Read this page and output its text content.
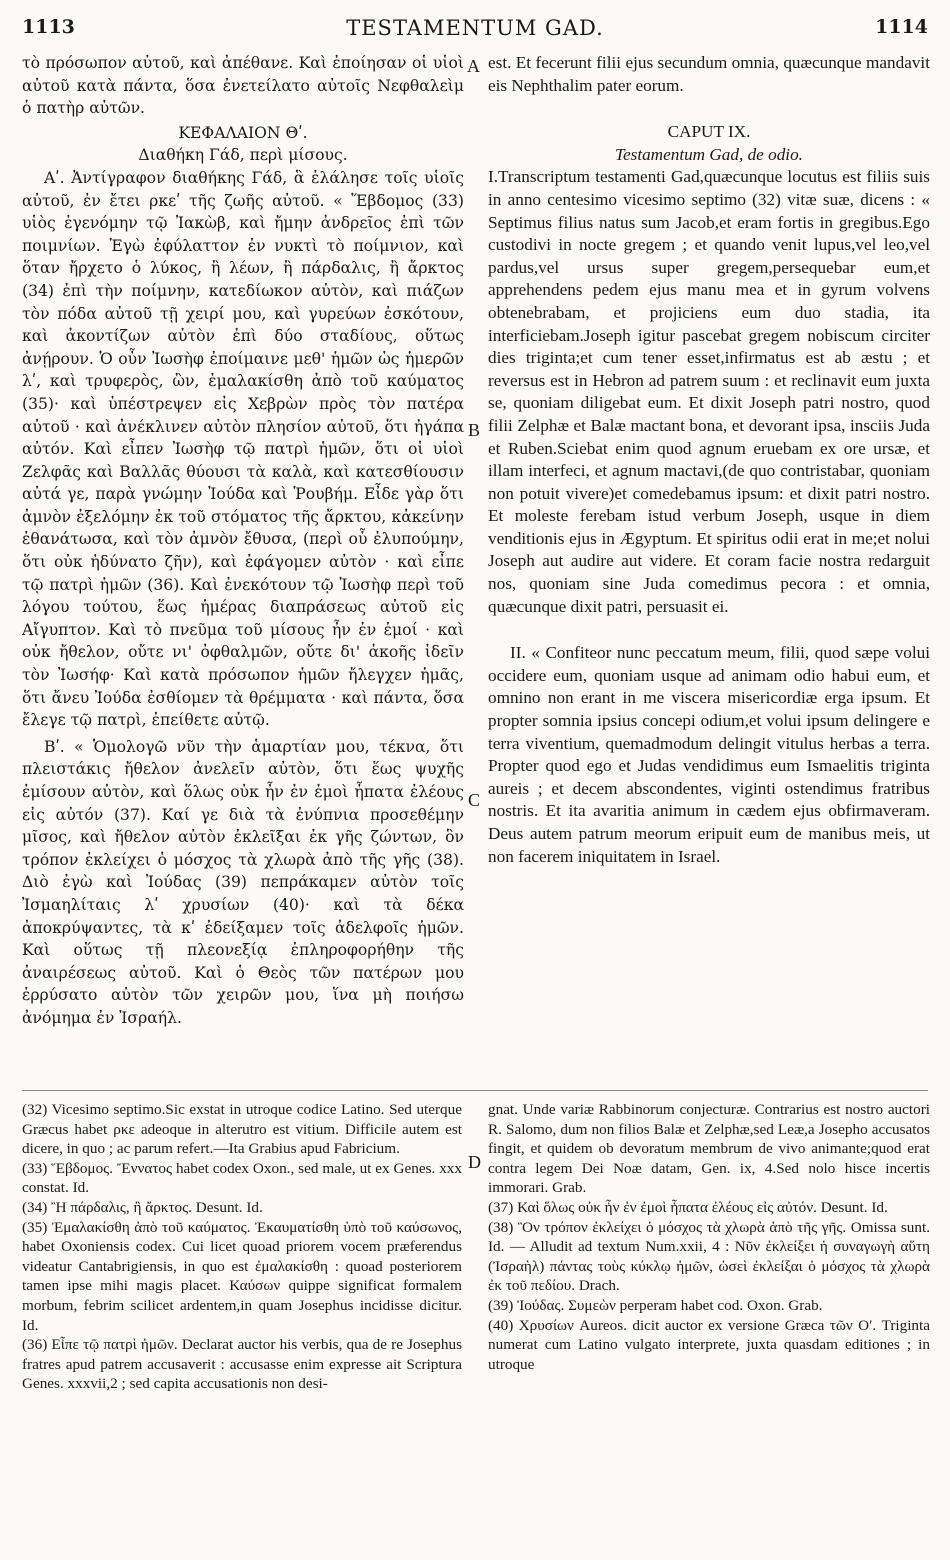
1113	TESTAMENTUM GAD.	1114

τὸ πρόσωπον αὐτοῦ, καὶ ἀπέθανε. Καὶ ἐποίησαν οἱ υἱοὶ αὐτοῦ κατὰ πάντα, ὅσα ἐνετείλατο αὐτοῖς Νεφθαλεὶμ ὁ πατὴρ αὐτῶν.

ΚΕΦΑΛΑΙΟΝ Θʹ.

Διαθήκη Γάδ, περὶ μίσους.

Αʹ. Ἀντίγραφον διαθήκης Γάδ, ἃ ἐλάλησε τοῖς υἱοῖς αὐτοῦ, ἐν ἔτει ρκεʹ τῆς ζωῆς αὐτοῦ. « Ἕβδομος (33) υἱὸς ἐγενόμην τῷ Ἰακὼβ, καὶ ἤμην ἀνδρεῖος ἐπὶ τῶν ποιμνίων. Ἐγὼ ἐφύλαττον ἐν νυκτὶ τὸ ποίμνιον, καὶ ὅταν ἤρχετο ὁ λύκος, ἢ λέων, ἢ πάρδαλις, ἢ ἄρκτος (34) ἐπὶ τὴν ποίμνην, κατεδίωκον αὐτὸν, καὶ πιάζων τὸν πόδα αὐτοῦ τῇ χειρί μου, καὶ γυρεύων ἐσκότουν, καὶ ἀκοντίζων αὐτὸν ἐπὶ δύο σταδίους, οὕτως ἀνῄρουν. Ὁ οὖν Ἰωσὴφ ἐποίμαινε μεθ' ἡμῶν ὡς ἡμερῶν λʹ, καὶ τρυφερὸς, ὢν, ἐμαλακίσθη ἀπὸ τοῦ καύματος (35)· καὶ ὑπέστρεψεν εἰς Χεβρὼν πρὸς τὸν πατέρα αὐτοῦ · καὶ ἀνέκλινεν αὐτὸν πλησίον αὐτοῦ, ὅτι ἠγάπα αὐτόν. Καὶ εἶπεν Ἰωσὴφ τῷ πατρὶ ἡμῶν, ὅτι οἱ υἱοὶ Ζελφᾶς καὶ Βαλλᾶς θύουσι τὰ καλὰ, καὶ κατεσθίουσιν αὐτά γε, παρὰ γνώμην Ἰούδα καὶ Ῥουβήμ. Εἶδε γὰρ ὅτι ἀμνὸν ἐξελόμην ἐκ τοῦ στόματος τῆς ἄρκτου, κἀκείνην ἐθανάτωσα, καὶ τὸν ἀμνὸν ἔθυσα, (περὶ οὗ ἐλυπούμην, ὅτι οὐκ ἠδύνατο ζῆν), καὶ ἐφάγομεν αὐτὸν · καὶ εἶπε τῷ πατρὶ ἡμῶν (36). Καὶ ἐνεκότουν τῷ Ἰωσὴφ περὶ τοῦ λόγου τούτου, ἕως ἡμέρας διαπράσεως αὐτοῦ εἰς Αἴγυπτον. Καὶ τὸ πνεῦμα τοῦ μίσους ἦν ἐν ἐμοί · καὶ οὐκ ἤθελον, οὔτε νι' ὀφθαλμῶν, οὔτε δι' ἀκοῆς ἰδεῖν τὸν Ἰωσήφ· Καὶ κατὰ πρόσωπον ἡμῶν ἤλεγχεν ἡμᾶς, ὅτι ἄνευ Ἰούδα ἐσθίομεν τὰ θρέμματα · καὶ πάντα, ὅσα ἔλεγε τῷ πατρὶ, ἐπείθετε αὐτῷ.

Βʹ. « Ὁμολογῶ νῦν τὴν ἁμαρτίαν μου, τέκνα, ὅτι πλειστάκις ἤθελον ἀνελεῖν αὐτὸν, ὅτι ἕως ψυχῆς ἐμίσουν αὐτὸν, καὶ ὅλως οὐκ ἦν ἐν ἐμοὶ ἧπατα ἐλέους εἰς αὐτόν (37). Καί γε διὰ τὰ ἐνύπνια προσεθέμην μῖσος, καὶ ἤθελον αὐτὸν ἐκλεῖξαι ἐκ γῆς ζώντων, ὃν τρόπον ἐκλείχει ὁ μόσχος τὰ χλωρὰ ἀπὸ τῆς γῆς (38). Διὸ ἐγὼ καὶ Ἰούδας (39) πεπράκαμεν αὐτὸν τοῖς Ἰσμαηλίταις λʹ χρυσίων (40)· καὶ τὰ δέκα ἀποκρύψαντες, τὰ κʹ ἐδείξαμεν τοῖς ἀδελφοῖς ἡμῶν. Καὶ οὕτως τῇ πλεονεξίᾳ ἐπληροφορήθην τῆς ἀναιρέσεως αὐτοῦ. Καὶ ὁ Θεὸς τῶν πατέρων μου ἐρρύσατο αὐτὸν τῶν χειρῶν μου, ἵνα μὴ ποιήσω ἀνόμημα ἐν Ἰσραήλ.

est. Et fecerunt filii ejus secundum omnia, quæcunque mandavit eis Nephthalim pater eorum.

CAPUT IX.

Testamentum Gad, de odio.

I.Transcriptum testamenti Gad,quæcunque locutus est filiis suis in anno centesimo vicesimo septimo (32) vitæ suæ, dicens : « Septimus filius natus sum Jacob,et eram fortis in gregibus.Ego custodivi in nocte gregem ; et quando venit lupus,vel leo,vel pardus,vel ursus super gregem,persequebar eum,et apprehendens pedem ejus manu mea et in gyrum volvens obtenebrabam, et projiciens eum duo stadia, ita interficiebam.Joseph igitur pascebat gregem nobiscum circiter dies triginta;et cum tener esset,infirmatus est ab æstu ; et reversus est in Hebron ad patrem suum : et reclinavit eum juxta se, quoniam diligebat eum. Et dixit Joseph patri nostro, quod filii Zelphæ et Balæ mactant bona, et devorant ipsa, insciis Juda et Ruben.Sciebat enim quod agnum eruebam ex ore ursæ, et illam interfeci, et agnum mactavi,(de quo contristabar, quoniam non potuit vivere)et comedebamus ipsum: et dixit patri nostro. Et moleste ferebam istud verbum Joseph, usque in diem venditionis ejus in Ægyptum. Et spiritus odii erat in me;et nolui Joseph aut audire aut videre. Et coram facie nostra redarguit nos, quoniam sine Juda comedimus pecora : et omnia, quæcunque dixit patri, persuasit ei.

II. « Confiteor nunc peccatum meum, filii, quod sæpe volui occidere eum, quoniam usque ad animam odio habui eum, et omnino non erant in me viscera misericordiæ erga ipsum. Et propter somnia ipsius concepi odium,et volui ipsum delingere e terra viventium, quemadmodum delingit vitulus herbas a terra. Propter quod ego et Judas vendidimus eum Ismaelitis triginta aureis ; et decem abscondentes, viginti ostendimus fratribus nostris. Et ita avaritia animum in cædem ejus obfirmaveram. Deus autem patrum meorum eripuit eum de manibus meis, ut non facerem iniquitatem in Israel.

A
B
C
D

(32) Vicesimo septimo.Sic exstat in utroque codice Latino. Sed uterque Græcus habet ρκε adeoque in alterutro est vitium. Difficile autem est dicere, in quo ; ac parum refert.—Ita Grabius apud Fabricium.

(33) Ἕβδομος. Ἔννατος habet codex Oxon., sed male, ut ex Genes. xxx constat. Id.

(34) Ἢ πάρδαλις, ἢ ἄρκτος. Desunt. Id.

(35) Ἐμαλακίσθη ἀπὸ τοῦ καύματος. Ἐκαυματίσθη ὑπὸ τοῦ καύσωνος, habet Oxoniensis codex. Cui licet quoad priorem vocem præferendus videatur Cantabrigiensis, in quo est ἐμαλακίσθη : quoad posteriorem tamen ipse mihi magis placet. Καύσων quippe significat formalem morbum, febrim scilicet ardentem,in quam Josephus incidisse dicitur. Id.

(36) Εἶπε τῷ πατρὶ ἡμῶν. Declarat auctor his verbis, qua de re Josephus fratres apud patrem accusaverit : accusasse enim expresse ait Scriptura Genes. xxxvii,2 ; sed capita accusationis non desi-

gnat. Unde variæ Rabbinorum conjecturæ. Contrarius est nostro auctori R. Salomo, dum non filios Balæ et Zelphæ,sed Leæ,a Josepho accusatos fingit, et quidem ob devoratum membrum de vivo animante;quod erat contra legem Dei Noæ datam, Gen. ix, 4.Sed nolo hisce incertis immorari. Grab.

(37) Καὶ ὅλως οὐκ ἦν ἐν ἐμοὶ ἧπατα ἐλέους εἰς αὐτόν. Desunt. Id.

(38) Ὃν τρόπον ἐκλείχει ὁ μόσχος τὰ χλωρὰ ἀπὸ τῆς γῆς. Omissa sunt. Id. — Alludit ad textum Num.xxii, 4 : Νῦν ἐκλείξει ἡ συναγωγὴ αὕτη (Ἰσραὴλ) πάντας τοὺς κύκλῳ ἡμῶν, ὡσεὶ ἐκλείξαι ὁ μόσχος τὰ χλωρὰ ἐκ τοῦ πεδίου. Drach.

(39) Ἰούδας. Συμεὼν perperam habet cod. Oxon. Grab.

(40) Χρυσίων Aureos. dicit auctor ex versione Græca τῶν Οʹ. Triginta numerat cum Latino vulgato interprete, juxta quasdam editiones ; in utroque
